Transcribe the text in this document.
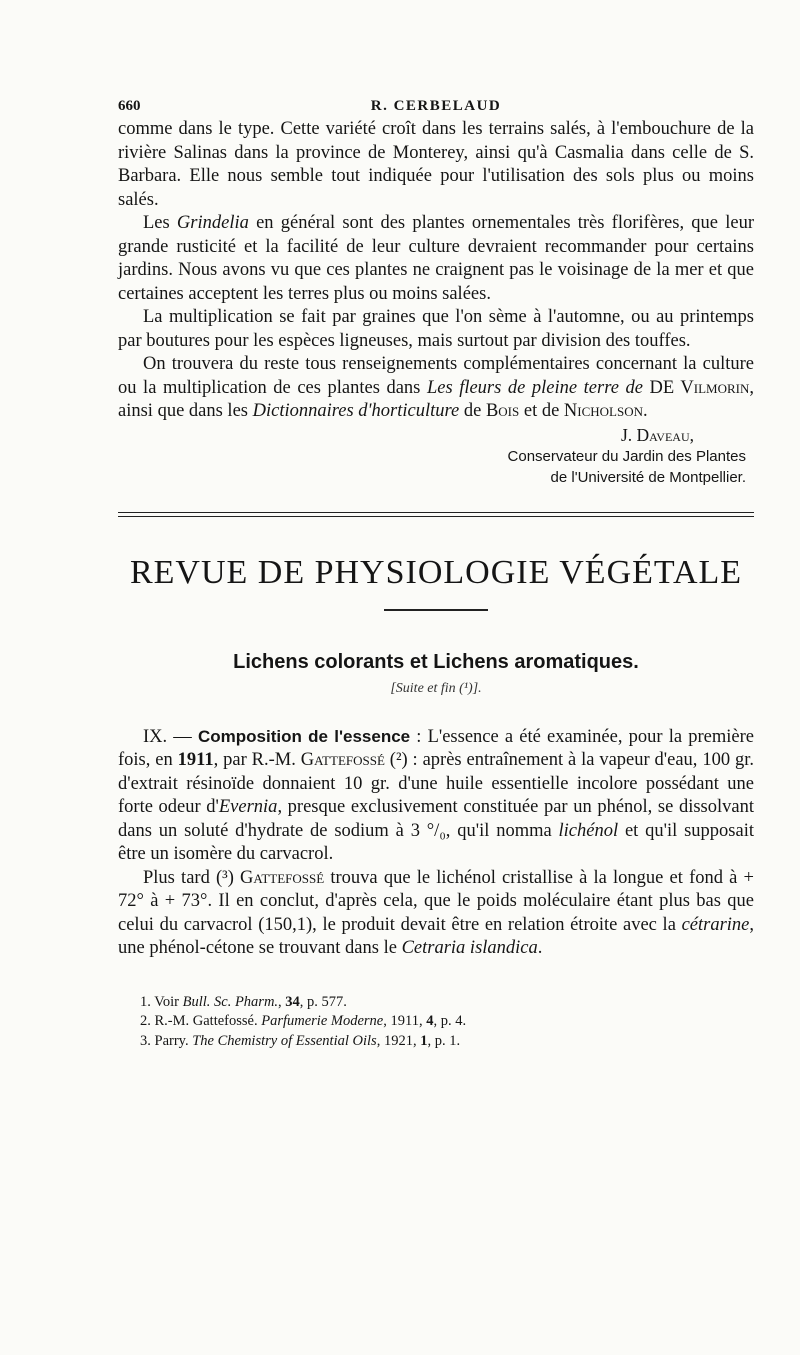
660	R. CERBELAUD

comme dans le type. Cette variété croît dans les terrains salés, à l'embouchure de la rivière Salinas dans la province de Monterey, ainsi qu'à Casmalia dans celle de S. Barbara. Elle nous semble tout indiquée pour l'utilisation des sols plus ou moins salés.

Les Grindelia en général sont des plantes ornementales très florifères, que leur grande rusticité et la facilité de leur culture devraient recommander pour certains jardins. Nous avons vu que ces plantes ne craignent pas le voisinage de la mer et que certaines acceptent les terres plus ou moins salées.

La multiplication se fait par graines que l'on sème à l'automne, ou au printemps par boutures pour les espèces ligneuses, mais surtout par division des touffes.

On trouvera du reste tous renseignements complémentaires concernant la culture ou la multiplication de ces plantes dans Les fleurs de pleine terre de DE Vilmorin, ainsi que dans les Dictionnaires d'horticulture de Bois et de Nicholson.

J. Daveau,
Conservateur du Jardin des Plantes
de l'Université de Montpellier.
REVUE DE PHYSIOLOGIE VÉGÉTALE
Lichens colorants et Lichens aromatiques.
[Suite et fin (¹)].

IX. — Composition de l'essence : L'essence a été examinée, pour la première fois, en 1911, par R.-M. Gattefossé (²) : après entraînement à la vapeur d'eau, 100 gr. d'extrait résinoïde donnaient 10 gr. d'une huile essentielle incolore possédant une forte odeur d'Evernia, presque exclusivement constituée par un phénol, se dissolvant dans un soluté d'hydrate de sodium à 3 °/₀, qu'il nomma lichénol et qu'il supposait être un isomère du carvacrol.

Plus tard (³) Gattefossé trouva que le lichénol cristallise à la longue et fond à + 72° à + 73°. Il en conclut, d'après cela, que le poids moléculaire étant plus bas que celui du carvacrol (150,1), le produit devait être en relation étroite avec la cétrarine, une phénol-cétone se trouvant dans le Cetraria islandica.

1. Voir Bull. Sc. Pharm., 34, p. 577.
2. R.-M. Gattefossé. Parfumerie Moderne, 1911, 4, p. 4.
3. Parry. The Chemistry of Essential Oils, 1921, 1, p. 1.
